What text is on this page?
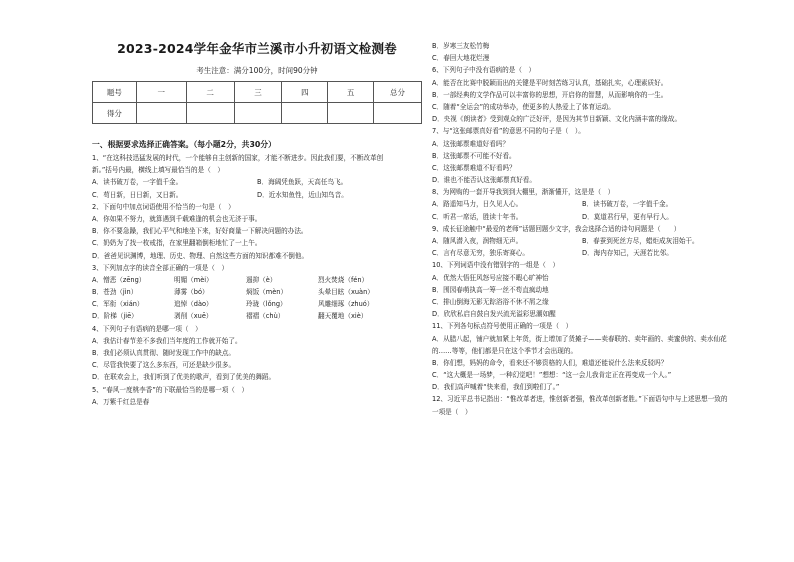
2023-2024学年金华市兰溪市小升初语文检测卷
考生注意：满分100分，时间90分钟
题号	一	二	三	四	五	总分
得分						
一、根据要求选择正确答案。（每小题2分，共30分）
1、“在这科技迅猛发展的时代，一个能够自主创新的国家，才能不断进步。因此我们要，不断改革创
新。”括号内最，横线上填写最恰当的是（　）
A．读书破万卷，一字值千金。	B．海阔凭鱼跃，天高任鸟飞。
C．苟日新，日日新，又日新。	D．近水知鱼性，近山知鸟音。
2、下面句中加点词语使用不恰当的一句是（　）
A．你如果不努力，就算遇到千载难逢的机会也无济于事。
B．你不要急躁，我们心平气和地坐下来，好好商量一下解决问题的办法。
C．奶奶为了找一枚戒指，在家里翻箱倒柜地忙了一上午。
D．爸爸见识渊博，地理、历史、物理、自然这些方面的知识都难不倒他。
3、下列加点字的读音全部正确的一项是（　）
A．憎恶（zēng）	明媚（mèi）	遏抑（è）	烈火焚烧（fén）
B．苍劲（jìn）	薄雾（bó）	焖饭（mèn）	头晕目眩（xuàn）
C．军衔（xián）	追悼（dào）	玲珑（lǒng）	风雕细琢（zhuó）
D．阶梯（jiē）	剥削（xuē）	褶褶（chù）	翻天覆地（xiè）
4、下列句子有语病的是哪一项（　）
A．我估计春节差不多我们当年度的工作就开始了。
B．我们必须认真贯彻、随时发现工作中的缺点。
C．尽管我快要了这么多东西，可还是缺少很多。
D．在联欢会上，我们听到了优美的歌声，看到了优美的舞蹈。
5、“春风一度桃李香”的下联最恰当的是哪一项（　）
A．万紫千红总是春
B．岁寒三友松竹梅
C．春回大地花烂漫
6、下列句子中没有语病的是（　）
A．能否在比赛中脱颖而出的关键是平时刻苦练习认真，基础扎实，心理素质好。
B．一部经典的文学作品可以丰富你的思想，开启你的智慧，从而影响你的一生。
C．随着“全运会”的成功举办，使更多的人热爱上了体育运动。
D．央视《朗读者》受到观众的广泛好评，是因为其节目新颖、文化内涵丰富的缘故。
7、与“这张邮票真好看”的意思不同的句子是（　）。
A．这张邮票难道好看吗？
B．这张邮票不可能不好看。
C．这张邮票难道不好看吗？
D．谁也不能否认这张邮票真好看。
8、为网购的一套开导我到到大棚里，渐渐懂开，这是是（　）
A．路遥知马力，日久见人心。	B．读书破万卷，一字值千金。
C．听君一席话，胜读十年书。	D．莫道君行早，更有早行人。
9、成长征途触中“最爱的老师”话题回题少文字，我会选择合适的诗句问题是（　　）
A．随风潜入夜，润物细无声。	B．春蚕到死丝方尽，蜡炬成灰泪始干。
C．言有尽意无穷，独乐寄赛心。	D．海内存知己，天涯若比邻。
10、下列词语中没有错别字的一组是（　）
A．优然大悟狂风怒号应接不暇心旷神怡
B．围园春萌执高一筹一丝不苟直疯动地
C．排山倒海无影无踪浴浴不休不屑之缘
D．欣欣私启自鼓自发兴流光溢彩思潮如醒
11、下列各句标点符号使用正确的一项是（　）
A．从腊八起，铺户就加紧上年货，街上增加了货摊子——卖春联的、卖年画的、卖蜜供的、卖水仙花
的……等等，他们都是只在这个季节才会出现的。
B．你们想，妈妈的命令，看来还不够资格的人们，难道还能说什么法来反驳吗？
C．“这大概是一场梦，一种幻觉吧！”想想：“这一会儿我肯定正在再变成一个人。”
D．我们高声喊着“快来看，我们到啦们了。”
12、习近平总书记指出：“惟改革者进，惟创新者强，惟改革创新者胜。”下面语句中与上述思想一致的
一项是（　）
